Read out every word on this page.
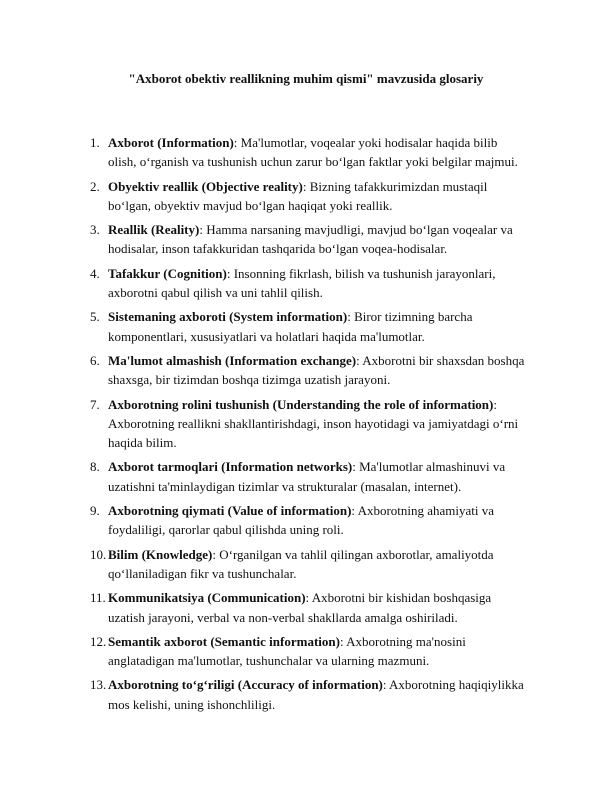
"Axborot obektiv reallikning muhim qismi" mavzusida glosariy
1. Axborot (Information): Ma'lumotlar, voqealar yoki hodisalar haqida bilib olish, o‘rganish va tushunish uchun zarur bo‘lgan faktlar yoki belgilar majmui.
2. Obyektiv reallik (Objective reality): Bizning tafakkurimizdan mustaqil bo‘lgan, obyektiv mavjud bo‘lgan haqiqat yoki reallik.
3. Reallik (Reality): Hamma narsaning mavjudligi, mavjud bo‘lgan voqealar va hodisalar, inson tafakkuridan tashqarida bo‘lgan voqea-hodisalar.
4. Tafakkur (Cognition): Insonning fikrlash, bilish va tushunish jarayonlari, axborotni qabul qilish va uni tahlil qilish.
5. Sistemaning axboroti (System information): Biror tizimning barcha komponentlari, xususiyatlari va holatlari haqida ma'lumotlar.
6. Ma'lumot almashish (Information exchange): Axborotni bir shaxsdan boshqa shaxsga, bir tizimdan boshqa tizimga uzatish jarayoni.
7. Axborotning rolini tushunish (Understanding the role of information): Axborotning reallikni shakllantirishdagi, inson hayotidagi va jamiyatdagi o‘rni haqida bilim.
8. Axborot tarmoqlari (Information networks): Ma'lumotlar almashinuvi va uzatishni ta'minlaydigan tizimlar va strukturalar (masalan, internet).
9. Axborotning qiymati (Value of information): Axborotning ahamiyati va foydaliligi, qarorlar qabul qilishda uning roli.
10. Bilim (Knowledge): O‘rganilgan va tahlil qilingan axborotlar, amaliyotda qo‘llaniladigan fikr va tushunchalar.
11. Kommunikatsiya (Communication): Axborotni bir kishidan boshqasiga uzatish jarayoni, verbal va non-verbal shakllarda amalga oshiriladi.
12. Semantik axborot (Semantic information): Axborotning ma'nosini anglatadigan ma'lumotlar, tushunchalar va ularning mazmuni.
13. Axborotning to‘g‘riligi (Accuracy of information): Axborotning haqiqiylikka mos kelishi, uning ishonchliligi.
